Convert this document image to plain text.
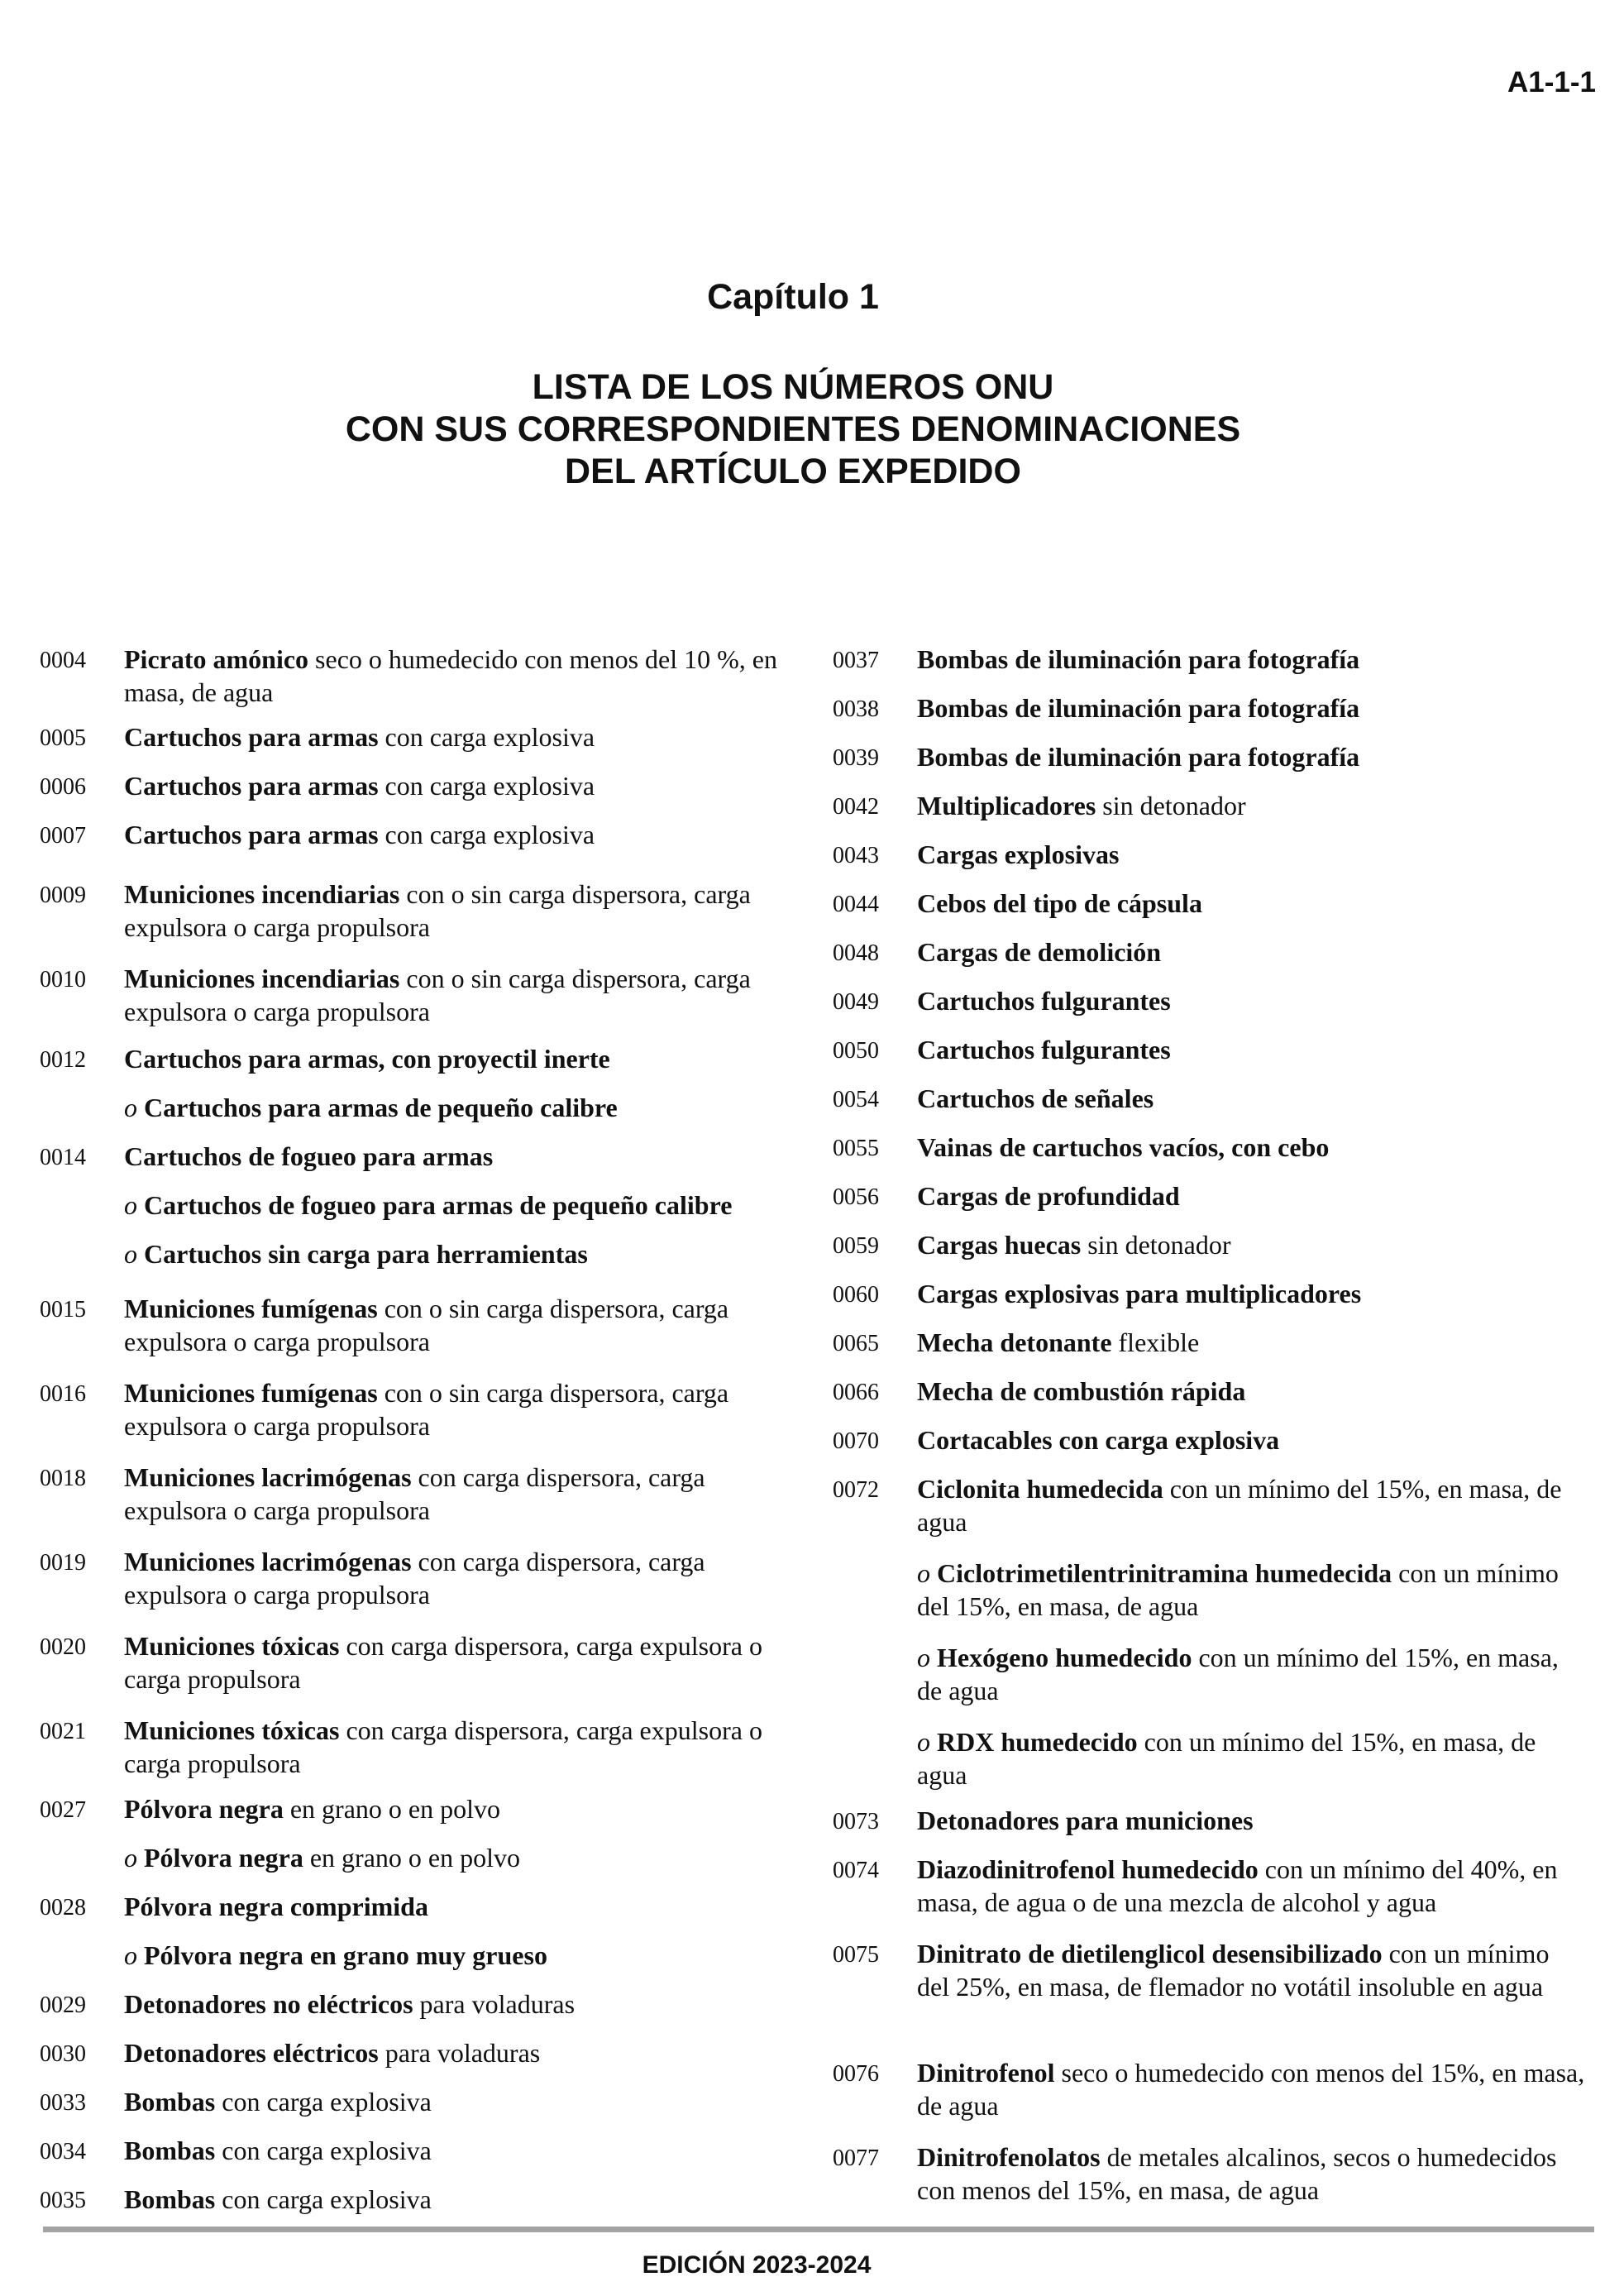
A1-1-1
Capítulo 1
LISTA DE LOS NÚMEROS ONU
CON SUS CORRESPONDIENTES DENOMINACIONES
DEL ARTÍCULO EXPEDIDO
0004 Picrato amónico seco o humedecido con menos del 10 %, en masa, de agua
0005 Cartuchos para armas con carga explosiva
0006 Cartuchos para armas con carga explosiva
0007 Cartuchos para armas con carga explosiva
0009 Municiones incendiarias con o sin carga dispersora, carga expulsora o carga propulsora
0010 Municiones incendiarias con o sin carga dispersora, carga expulsora o carga propulsora
0012 Cartuchos para armas, con proyectil inerte
o Cartuchos para armas de pequeño calibre
0014 Cartuchos de fogueo para armas
o Cartuchos de fogueo para armas de pequeño calibre
o Cartuchos sin carga para herramientas
0015 Municiones fumígenas con o sin carga dispersora, carga expulsora o carga propulsora
0016 Municiones fumígenas con o sin carga dispersora, carga expulsora o carga propulsora
0018 Municiones lacrimógenas con carga dispersora, carga expulsora o carga propulsora
0019 Municiones lacrimógenas con carga dispersora, carga expulsora o carga propulsora
0020 Municiones tóxicas con carga dispersora, carga expulsora o carga propulsora
0021 Municiones tóxicas con carga dispersora, carga expulsora o carga propulsora
0027 Pólvora negra en grano o en polvo
o Pólvora negra en grano o en polvo
0028 Pólvora negra comprimida
o Pólvora negra en grano muy grueso
0029 Detonadores no eléctricos para voladuras
0030 Detonadores eléctricos para voladuras
0033 Bombas con carga explosiva
0034 Bombas con carga explosiva
0035 Bombas con carga explosiva
0037 Bombas de iluminación para fotografía
0038 Bombas de iluminación para fotografía
0039 Bombas de iluminación para fotografía
0042 Multiplicadores sin detonador
0043 Cargas explosivas
0044 Cebos del tipo de cápsula
0048 Cargas de demolición
0049 Cartuchos fulgurantes
0050 Cartuchos fulgurantes
0054 Cartuchos de señales
0055 Vainas de cartuchos vacíos, con cebo
0056 Cargas de profundidad
0059 Cargas huecas sin detonador
0060 Cargas explosivas para multiplicadores
0065 Mecha detonante flexible
0066 Mecha de combustión rápida
0070 Cortacables con carga explosiva
0072 Ciclonita humedecida con un mínimo del 15%, en masa, de agua
o Ciclotrimetilentrinitramina humedecida con un mínimo del 15%, en masa, de agua
o Hexógeno humedecido con un mínimo del 15%, en masa, de agua
o RDX humedecido con un mínimo del 15%, en masa, de agua
0073 Detonadores para municiones
0074 Diazodinitrofenol humedecido con un mínimo del 40%, en masa, de agua o de una mezcla de alcohol y agua
0075 Dinitrato de dietilenglicol desensibilizado con un mínimo del 25%, en masa, de flemador no votátil insoluble en agua
0076 Dinitrofenol seco o humedecido con menos del 15%, en masa, de agua
0077 Dinitrofenolatos de metales alcalinos, secos o humedecidos con menos del 15%, en masa, de agua
EDICIÓN 2023-2024
